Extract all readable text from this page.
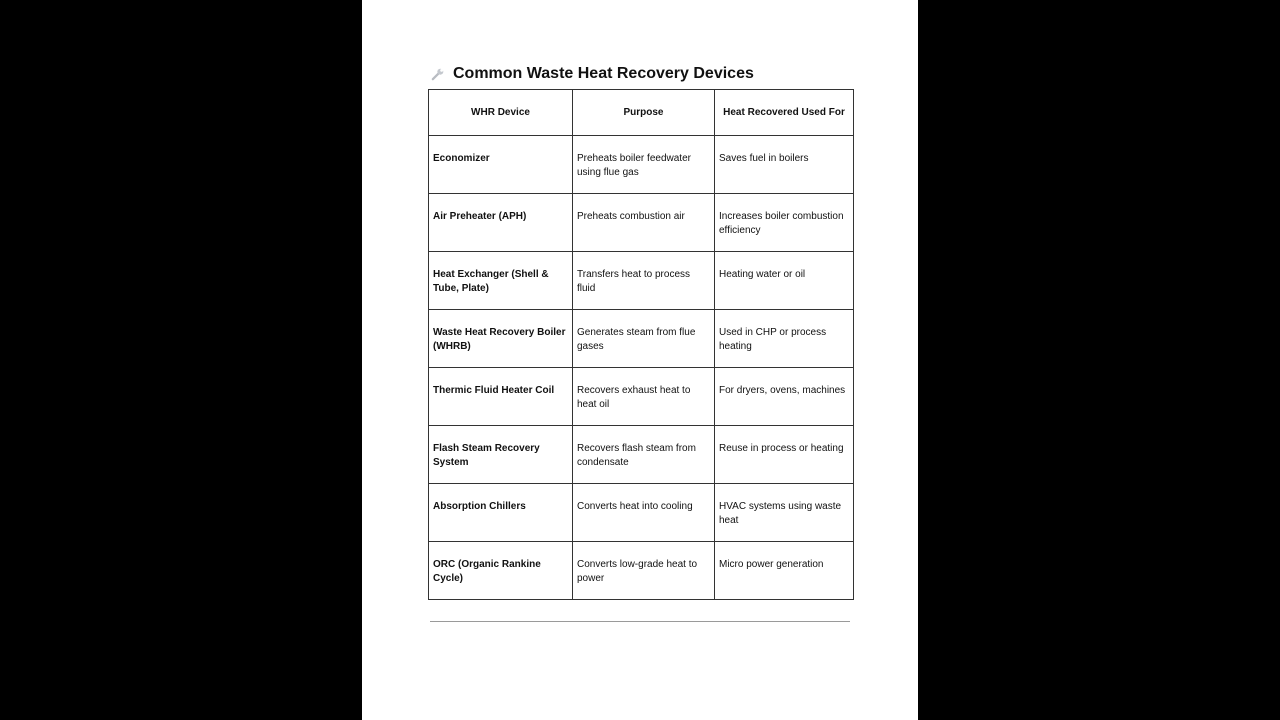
Common Waste Heat Recovery Devices
WHR Device	Purpose	Heat Recovered Used For

Economizer	Preheats boiler feedwater using flue gas	Saves fuel in boilers

Air Preheater (APH)	Preheats combustion air	Increases boiler combustion efficiency

Heat Exchanger (Shell & Tube, Plate)	Transfers heat to process fluid	Heating water or oil

Waste Heat Recovery Boiler (WHRB)	Generates steam from flue gases	Used in CHP or process heating

Thermic Fluid Heater Coil	Recovers exhaust heat to heat oil	For dryers, ovens, machines

Flash Steam Recovery System	Recovers flash steam from condensate	Reuse in process or heating

Absorption Chillers	Converts heat into cooling	HVAC systems using waste heat

ORC (Organic Rankine Cycle)	Converts low-grade heat to power	Micro power generation
